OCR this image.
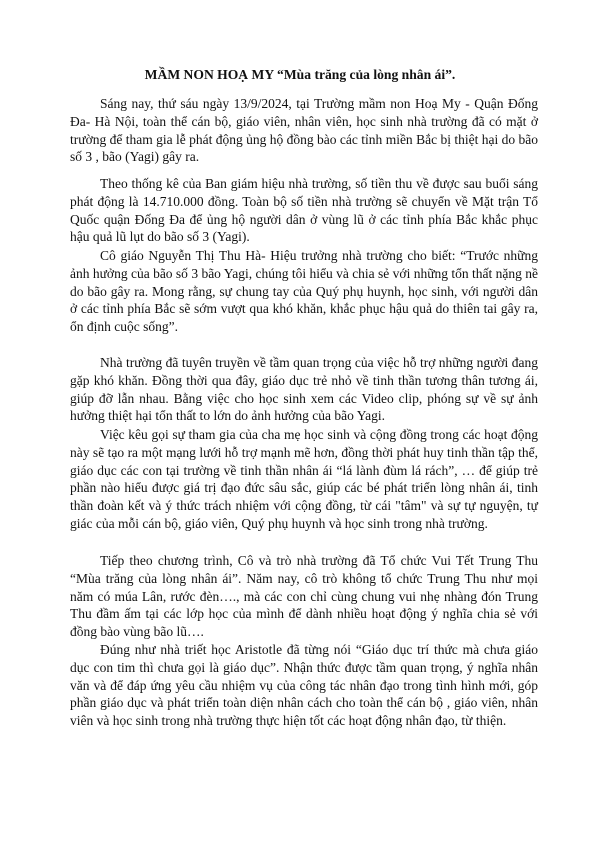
MẦM NON HOẠ MY “Mùa trăng của lòng nhân ái”.

Sáng nay, thứ sáu ngày 13/9/2024, tại Trường mầm non Hoạ My - Quận Đống Đa- Hà Nội, toàn thể cán bộ, giáo viên, nhân viên, học sinh nhà trường đã có mặt ở trường để tham gia lễ phát động ủng hộ đồng bào các tỉnh miền Bắc bị thiệt hại do bão số 3 , bão (Yagi) gây ra.

Theo thống kê của Ban giám hiệu nhà trường, số tiền thu về được sau buổi sáng phát động là 14.710.000 đồng. Toàn bộ số tiền nhà trường sẽ chuyển về Mặt trận Tổ Quốc quận Đống Đa để ủng hộ người dân ở vùng lũ ở các tỉnh phía Bắc khắc phục hậu quả lũ lụt do bão số 3 (Yagi).

Cô giáo Nguyễn Thị Thu Hà- Hiệu trưởng nhà trường cho biết: “Trước những ảnh hưởng của bão số 3 bão Yagi, chúng tôi hiểu và chia sẻ với những tổn thất nặng nề do bão gây ra. Mong rằng, sự chung tay của Quý phụ huynh, học sinh, với người dân ở các tỉnh phía Bắc sẽ sớm vượt qua khó khăn, khắc phục hậu quả do thiên tai gây ra, ổn định cuộc sống”.

Nhà trường đã tuyên truyền về tầm quan trọng của việc hỗ trợ những người đang gặp khó khăn. Đồng thời qua đây, giáo dục trẻ nhỏ về tinh thần tương thân tương ái, giúp đỡ lẫn nhau. Bằng việc cho học sinh xem các Video clip, phóng sự về sự ảnh hưởng thiệt hại tổn thất to lớn do ảnh hưởng của bão Yagi.

Việc kêu gọi sự tham gia của cha mẹ học sinh và cộng đồng trong các hoạt động này sẽ tạo ra một mạng lưới hỗ trợ mạnh mẽ hơn, đồng thời phát huy tinh thần tập thể, giáo dục các con tại trường về tinh thần nhân ái “lá lành đùm lá rách”, … để giúp trẻ phần nào hiểu được giá trị đạo đức sâu sắc, giúp các bé phát triển lòng nhân ái, tinh thần đoàn kết và ý thức trách nhiệm với cộng đồng, từ cái "tâm" và sự tự nguyện, tự giác của mỗi cán bộ, giáo viên, Quý phụ huynh và học sinh trong nhà trường.

Tiếp theo chương trình, Cô và trò nhà trường đã Tổ chức Vui Tết Trung Thu “Mùa trăng của lòng nhân ái”. Năm nay, cô trò không tổ chức Trung Thu như mọi năm có múa Lân, rước đèn…., mà các con chỉ cùng chung vui nhẹ nhàng đón Trung Thu đầm ấm tại các lớp học của mình để dành nhiều hoạt động ý nghĩa chia sẻ với đồng bào vùng bão lũ….

Đúng như nhà triết học Aristotle đã từng nói “Giáo dục trí thức mà chưa giáo dục con tim thì chưa gọi là giáo dục”. Nhận thức được tầm quan trọng, ý nghĩa nhân văn và để đáp ứng yêu cầu nhiệm vụ của công tác nhân đạo trong tình hình mới, góp phần giáo dục và phát triển toàn diện nhân cách cho toàn thể cán bộ , giáo viên, nhân viên và học sinh trong nhà trường thực hiện tốt các hoạt động nhân đạo, từ thiện.
